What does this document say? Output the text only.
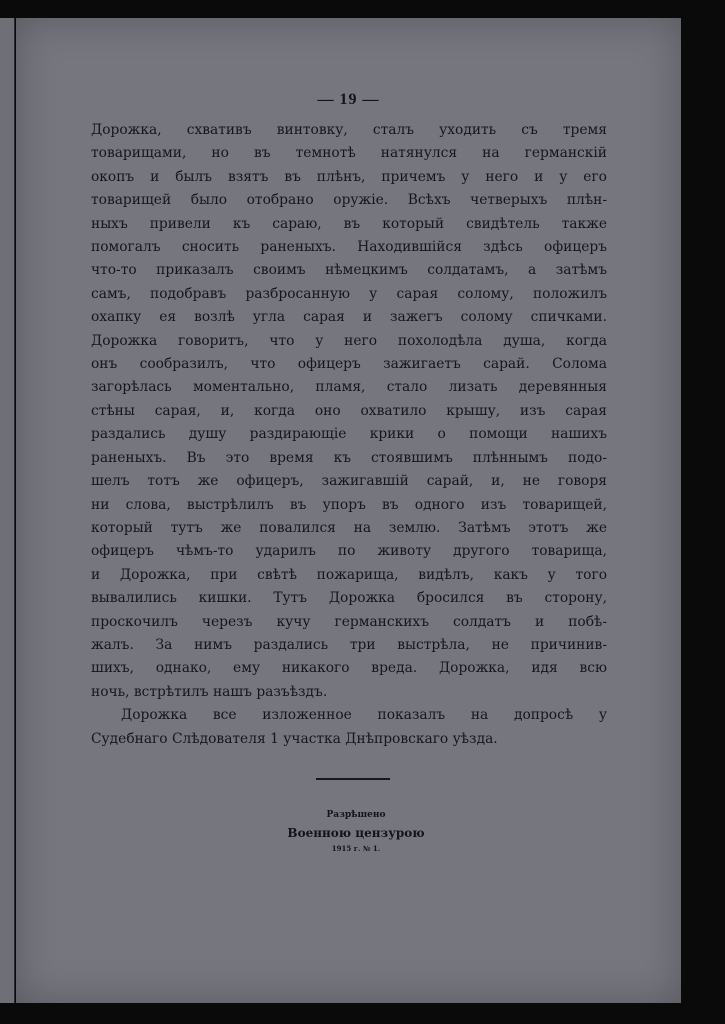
— 19 —
Дорожка, схвативъ винтовку, сталъ уходить съ тремя
товарищами, но въ темнотѣ натянулся на германскій
окопъ и былъ взятъ въ плѣнъ, причемъ у него и у его
товарищей было отобрано оружіе. Всѣхъ четверыхъ плѣн-
ныхъ привели къ сараю, въ который свидѣтель также
помогалъ сносить раненыхъ. Находившійся здѣсь офицеръ
что-то приказалъ своимъ нѣмецкимъ солдатамъ, а затѣмъ
самъ, подобравъ разбросанную у сарая солому, положилъ
охапку ея возлѣ угла сарая и зажегъ солому спичками.
Дорожка говоритъ, что у него похолодѣла душа, когда
онъ сообразилъ, что офицеръ зажигаетъ сарай. Солома
загорѣлась моментально, пламя, стало лизать деревянныя
стѣны сарая, и, когда оно охватило крышу, изъ сарая
раздались душу раздирающіе крики о помощи нашихъ
раненыхъ. Въ это время къ стоявшимъ плѣннымъ подо-
шелъ тотъ же офицеръ, зажигавшій сарай, и, не говоря
ни слова, выстрѣлилъ въ упоръ въ одного изъ товарищей,
который тутъ же повалился на землю. Затѣмъ этотъ же
офицеръ чѣмъ-то ударилъ по животу другого товарища,
и Дорожка, при свѣтѣ пожарища, видѣлъ, какъ у того
вывалились кишки. Тутъ Дорожка бросился въ сторону,
проскочилъ черезъ кучу германскихъ солдатъ и побѣ-
жалъ. За нимъ раздались три выстрѣла, не причинив-
шихъ, однако, ему никакого вреда. Дорожка, идя всю
ночь, встрѣтилъ нашъ разъѣздъ.
Дорожка все изложенное показалъ на допросѣ у
Судебнаго Слѣдователя 1 участка Днѣпровскаго уѣзда.
Разрѣшено
Военною цензурою
1915 г. № 1.
